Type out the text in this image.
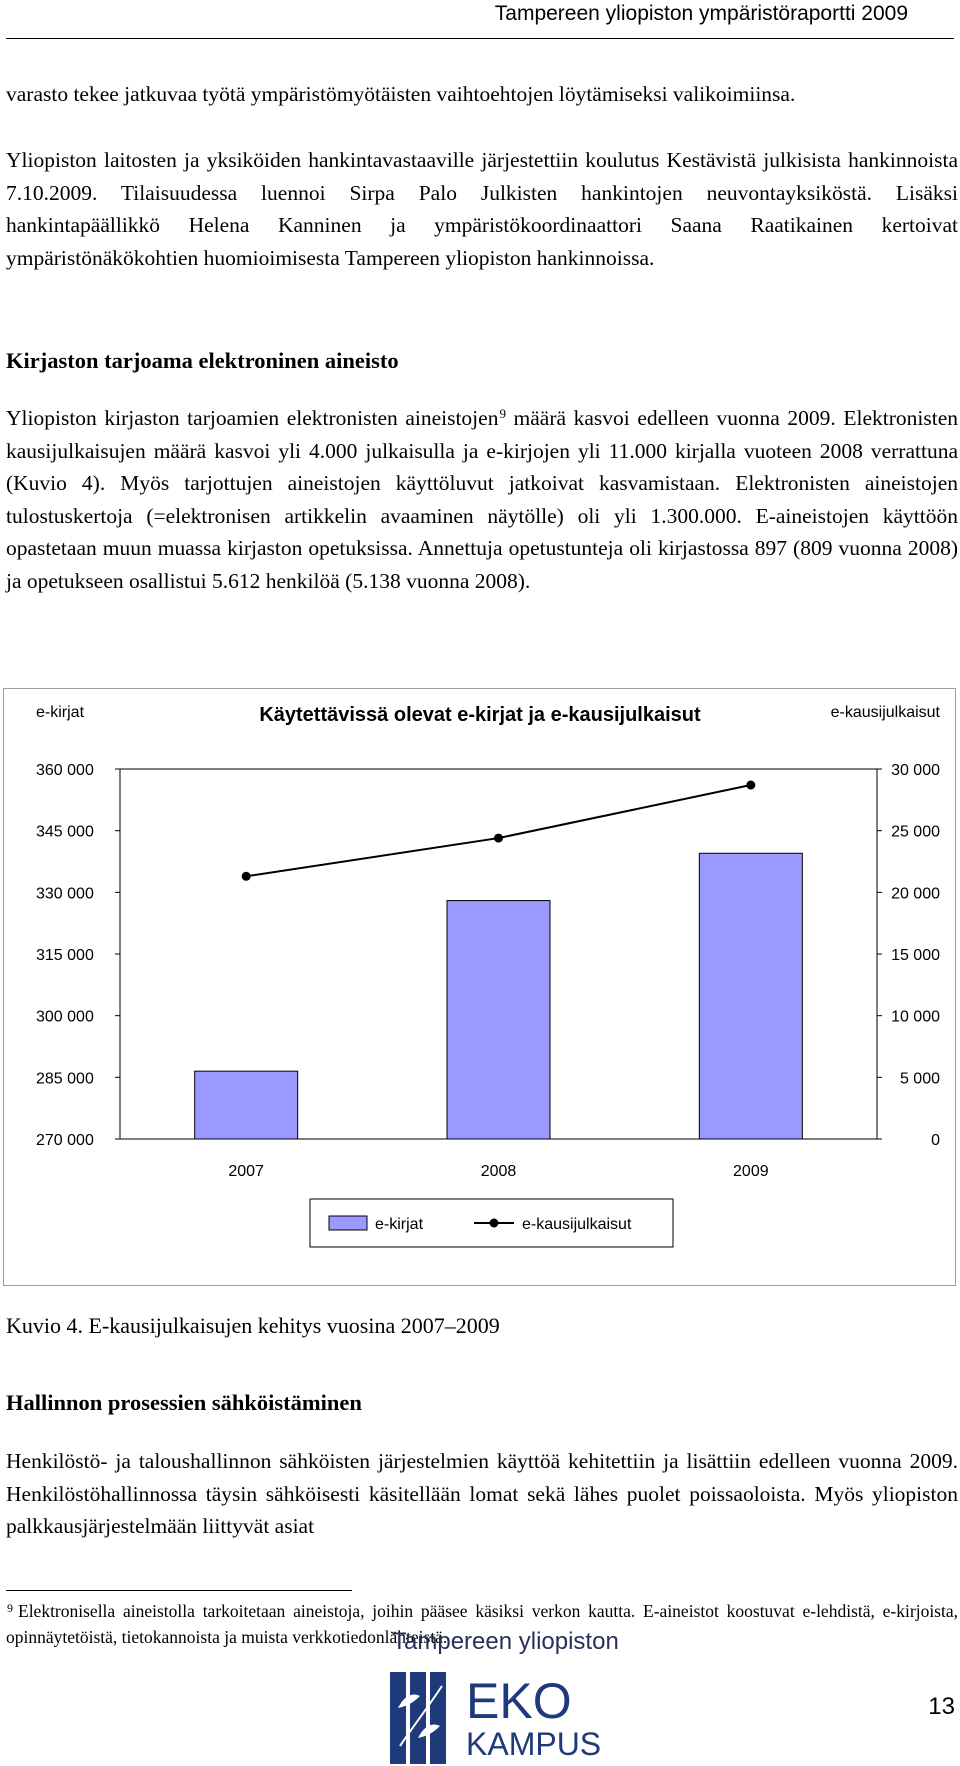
Tampereen yliopiston ympäristöraportti 2009

varasto tekee jatkuvaa työtä ympäristömyötäisten vaihtoehtojen löytämiseksi valikoimiinsa.

Yliopiston laitosten ja yksiköiden hankintavastaaville järjestettiin koulutus Kestävistä julkisista hankinnoista 7.10.2009. Tilaisuudessa luennoi Sirpa Palo Julkisten hankintojen neuvontayksiköstä. Lisäksi hankintapäällikkö Helena Kanninen ja ympäristökoordinaattori Saana Raatikainen kertoivat ympäristönäkökohtien huomioimisesta Tampereen yliopiston hankinnoissa.

Kirjaston tarjoama elektroninen aineisto

Yliopiston kirjaston tarjoamien elektronisten aineistojen$^9$ määrä kasvoi edelleen vuonna 2009. Elektronisten kausijulkaisujen määrä kasvoi yli 4.000 julkaisulla ja e-kirjojen yli 11.000 kirjalla vuoteen 2008 verrattuna (Kuvio 4). Myös tarjottujen aineistojen käyttöluvut jatkoivat kasvamistaan. Elektronisten aineistojen tulostuskertoja (=elektronisen artikkelin avaaminen näytölle) oli yli 1.300.000. E-aineistojen käyttöön opastetaan muun muassa kirjaston opetuksissa. Annettuja opetustunteja oli kirjastossa 897 (809 vuonna 2008) ja opetukseen osallistui 5.612 henkilöä (5.138 vuonna 2008).

e-kirjat	Käytettävissä olevat e-kirjat ja e-kausijulkaisut	e-kausijulkaisut
270 000
285 000
300 000
315 000
330 000
345 000
360 000
0
5 000
10 000
15 000
20 000
25 000
30 000
2007	2008	2009
e-kirjat	e-kausijulkaisut

Kuvio 4. E-kausijulkaisujen kehitys vuosina 2007–2009

Hallinnon prosessien sähköistäminen

Henkilöstö- ja taloushallinnon sähköisten järjestelmien käyttöä kehitettiin ja lisättiin edelleen vuonna 2009. Henkilöstöhallinnossa täysin sähköisesti käsitellään lomat sekä lähes puolet poissaoloista. Myös yliopiston palkkausjärjestelmään liittyvät asiat

$^9$ Elektronisella aineistolla tarkoitetaan aineistoja, joihin pääsee käsiksi verkon kautta. E-aineistot koostuvat e-lehdistä, e-kirjoista, opinnäytetöistä, tietokannoista ja muista verkkotiedonlähteistä.

Tampereen yliopiston
EKO
KAMPUS
13
